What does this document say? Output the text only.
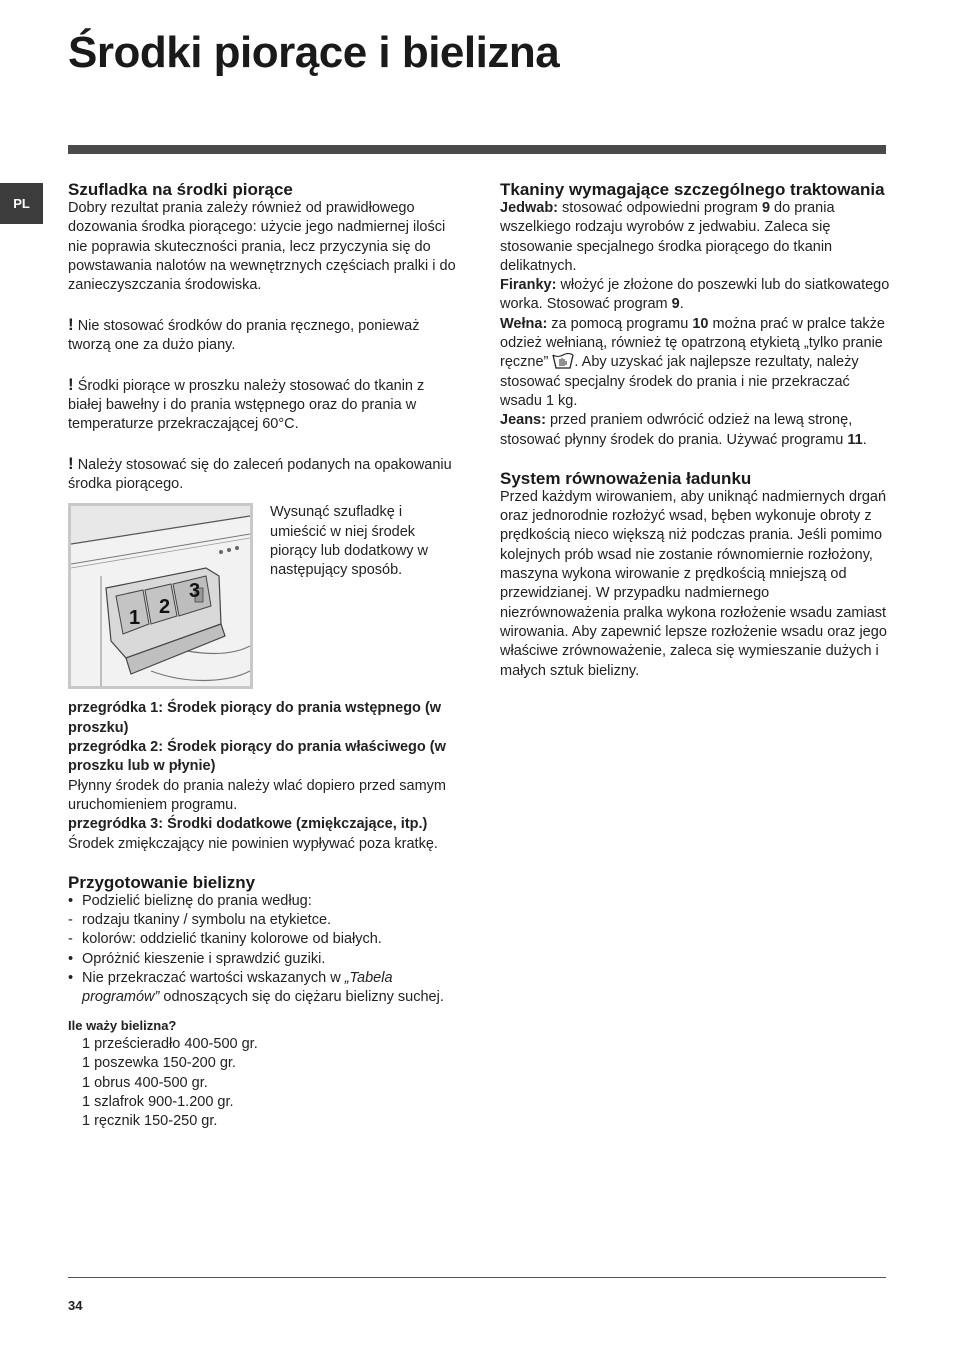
Środki piorące i bielizna
PL
Szufladka na środki piorące

Dobry rezultat prania zależy również od prawidłowego dozowania środka piorącego: użycie jego nadmiernej ilości nie poprawia skuteczności prania, lecz przyczynia się do powstawania nalotów na wewnętrznych częściach pralki i do zanieczyszczania środowiska.

! Nie stosować środków do prania ręcznego, ponieważ tworzą one za dużo piany.

! Środki piorące w proszku należy stosować do tkanin z białej bawełny i do prania wstępnego oraz do prania w temperaturze przekraczającej 60°C.

! Należy stosować się do zaleceń podanych na opakowaniu środka piorącego.

1 2
3

Wysunąć szufladkę i umieścić w niej środek piorący lub dodatkowy w następujący sposób.

przegródka 1: Środek piorący do prania wstępnego (w proszku)

przegródka 2: Środek piorący do prania właściwego (w proszku lub w płynie)

Płynny środek do prania należy wlać dopiero przed samym uruchomieniem programu.

przegródka 3: Środki dodatkowe (zmiękczające, itp.)

Środek zmiękczający nie powinien wypływać poza kratkę.

Przygotowanie bielizny
• Podzielić bieliznę do prania według:
- rodzaju tkaniny / symbolu na etykietce.
- kolorów: oddzielić tkaniny kolorowe od białych.
• Opróżnić kieszenie i sprawdzić guziki.
• Nie przekraczać wartości wskazanych w „Tabela programów” odnoszących się do ciężaru bielizny suchej.

Ile waży bielizna?

1 prześcieradło 400-500 gr.

1 poszewka 150-200 gr.

1 obrus 400-500 gr.

1 szlafrok 900-1.200 gr.

1 ręcznik 150-250 gr.

Tkaniny wymagające szczególnego traktowania

Jedwab: stosować odpowiedni program 9 do prania wszelkiego rodzaju wyrobów z jedwabiu. Zaleca się stosowanie specjalnego środka piorącego do tkanin delikatnych.

Firanky: włożyć je złożone do poszewki lub do siatkowatego worka. Stosować program 9.

Wełna: za pomocą programu 10 można prać w pralce także odzież wełnianą, również tę opatrzoną etykietą „tylko pranie ręczne” . Aby uzyskać jak najlepsze rezultaty, należy stosować specjalny środek do prania i nie przekraczać wsadu 1 kg.

Jeans: przed praniem odwrócić odzież na lewą stronę, stosować płynny środek do prania. Używać programu 11.

System równoważenia ładunku

Przed każdym wirowaniem, aby uniknąć nadmiernych drgań oraz jednorodnie rozłożyć wsad, bęben wykonuje obroty z prędkością nieco większą niż podczas prania. Jeśli pomimo kolejnych prób wsad nie zostanie równomiernie rozłożony, maszyna wykona wirowanie z prędkością mniejszą od przewidzianej. W przypadku nadmiernego niezrównoważenia pralka wykona rozłożenie wsadu zamiast wirowania. Aby zapewnić lepsze rozłożenie wsadu oraz jego właściwe zrównoważenie, zaleca się wymieszanie dużych i małych sztuk bielizny.

34
